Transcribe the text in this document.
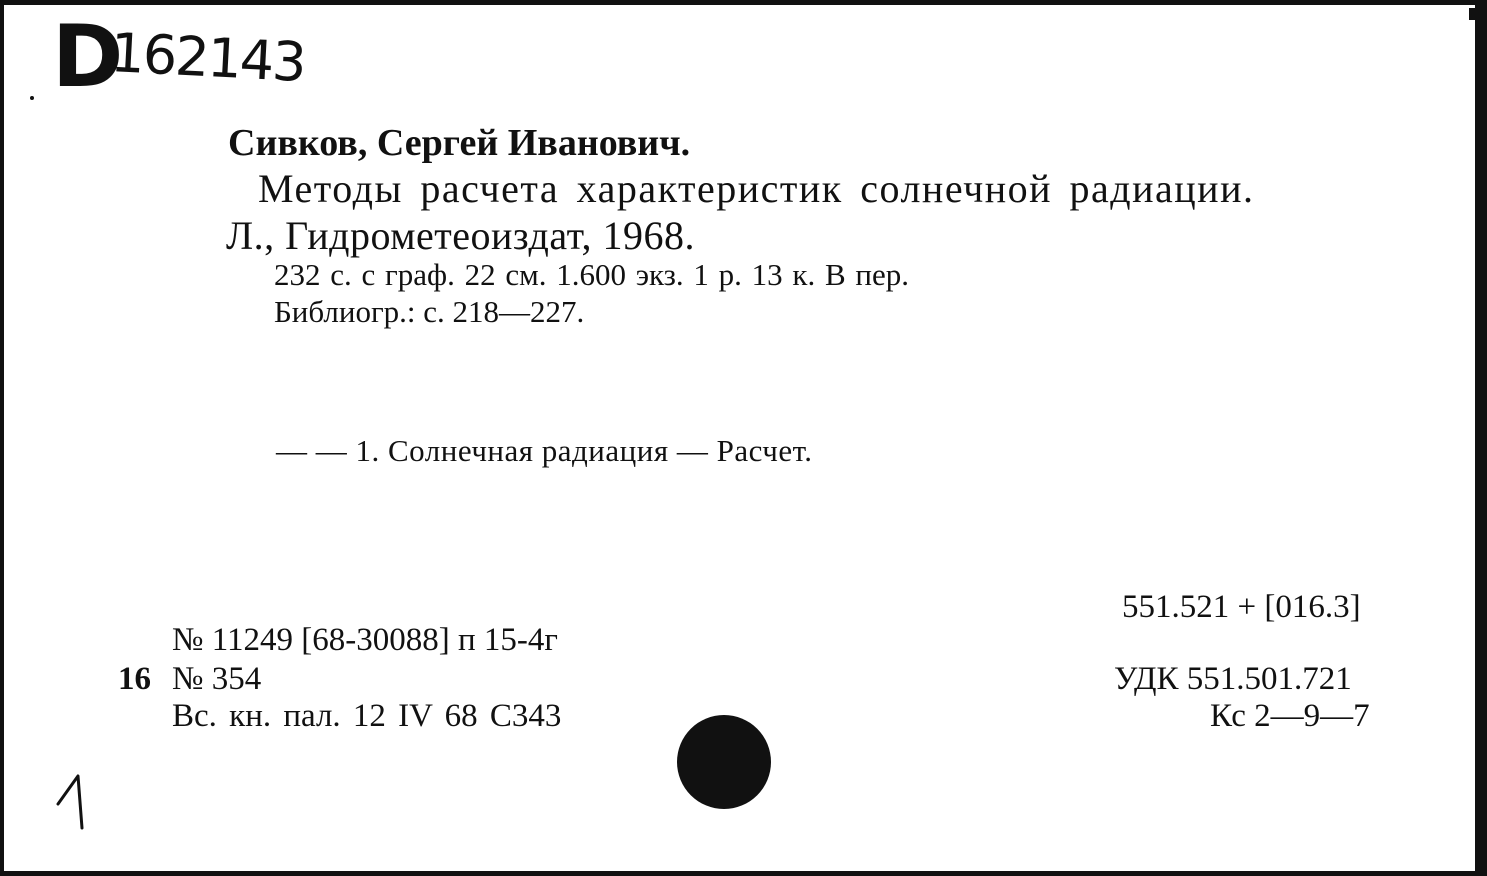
D
162143
Сивков, Сергей Иванович.
Методы расчета характеристик солнечной радиации.
Л., Гидрометеоиздат, 1968.
232 с. с граф. 22 см. 1.600 экз. 1 р. 13 к. В пер.
Библиогр.: с. 218—227.
— — 1. Солнечная радиация — Расчет.
№ 11249 [68-30088] п 15-4г
16 № 354
Вс. кн. пал. 12 IV 68 С343
551.521 + [016.3]
УДК 551.501.721
Кс 2—9—7
